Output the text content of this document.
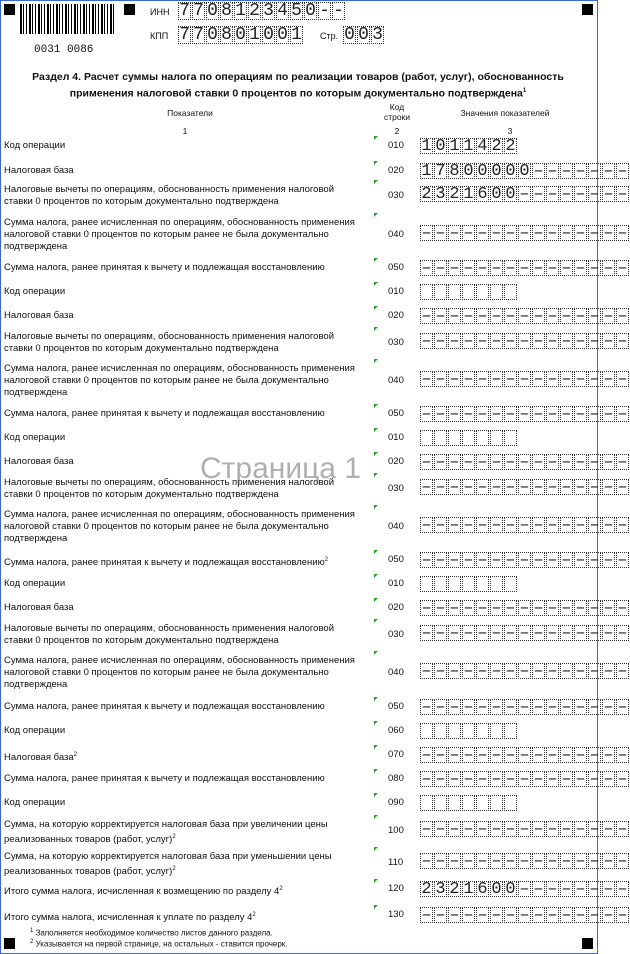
0031 0086
ИНН 7 7 0 8 1 2 3 4 5 0 - -
КПП 7 7 0 8 0 1 0 0 1 Стр. 0 0 3
Раздел 4. Расчет суммы налога по операциям по реализации товаров (работ, услуг), обоснованность применения налоговой ставки 0 процентов по которым документально подтверждена$^1$
Показатели
Код строки	Значения показателей
1	2	3
Код операции	010 1 0 1 1 4 2 2
Налоговая база	020 1 7 8 0 0 0 0 0 – – – – – – –
Налоговые вычеты по операциям, обоснованность применения налоговой ставки 0 процентов по которым документально подтверждена
030 2 3 2 1 6 0 0 – – – – – – – –
Сумма налога, ранее исчисленная по операциям, обоснованность применения налоговой ставки 0 процентов по которым ранее не была документально подтверждена
040 – – – – – – – – – – – – – – –
Сумма налога, ранее принятая к вычету и подлежащая восстановлению	050 – – – – – – – – – – – – – – –
Код операции	010
Налоговая база	020 – – – – – – – – – – – – – – –
Налоговые вычеты по операциям, обоснованность применения налоговой ставки 0 процентов по которым документально подтверждена
030 – – – – – – – – – – – – – – –
Сумма налога, ранее исчисленная по операциям, обоснованность применения налоговой ставки 0 процентов по которым ранее не была документально подтверждена
040 – – – – – – – – – – – – – – –
Сумма налога, ранее принятая к вычету и подлежащая восстановлению	050 – – – – – – – – – – – – – – –
Код операции	010
Налоговая база	020 – – – – – – – – – – – – – – –
Налоговые вычеты по операциям, обоснованность применения налоговой ставки 0 процентов по которым документально подтверждена
030 – – – – – – – – – – – – – – –
Сумма налога, ранее исчисленная по операциям, обоснованность применения налоговой ставки 0 процентов по которым ранее не была документально подтверждена
040 – – – – – – – – – – – – – – –
Сумма налога, ранее принятая к вычету и подлежащая восстановлению$^2$	050 – – – – – – – – – – – – – – –
Код операции	010
Налоговая база	020 – – – – – – – – – – – – – – –
Налоговые вычеты по операциям, обоснованность применения налоговой ставки 0 процентов по которым документально подтверждена
030 – – – – – – – – – – – – – – –
Сумма налога, ранее исчисленная по операциям, обоснованность применения налоговой ставки 0 процентов по которым ранее не была документально подтверждена
040 – – – – – – – – – – – – – – –
Сумма налога, ранее принятая к вычету и подлежащая восстановлению	050 – – – – – – – – – – – – – – –
Код операции	060
Налоговая база$^2$	070 – – – – – – – – – – – – – – –
Сумма налога, ранее принятая к вычету и подлежащая восстановлению	080 – – – – – – – – – – – – – – –
Код операции	090
Сумма, на которую корректируется налоговая база при увеличении цены реализованных товаров (работ, услуг)$^2$
100 – – – – – – – – – – – – – – –
Сумма, на которую корректируется налоговая база при уменьшении цены реализованных товаров (работ, услуг)$^2$
110 – – – – – – – – – – – – – – –
Итого сумма налога, исчисленная к возмещению по разделу $4^2$	120 2 3 2 1 6 0 0 – – – – – – – –
Итого сумма налога, исчисленная к уплате по разделу $4^2$	130 – – – – – – – – – – – – – – –
Страница 1
$^1$ Заполняется необходимое количество листов данного раздела.
$^2$ Указывается на первой странице, на остальных - ставится прочерк.
